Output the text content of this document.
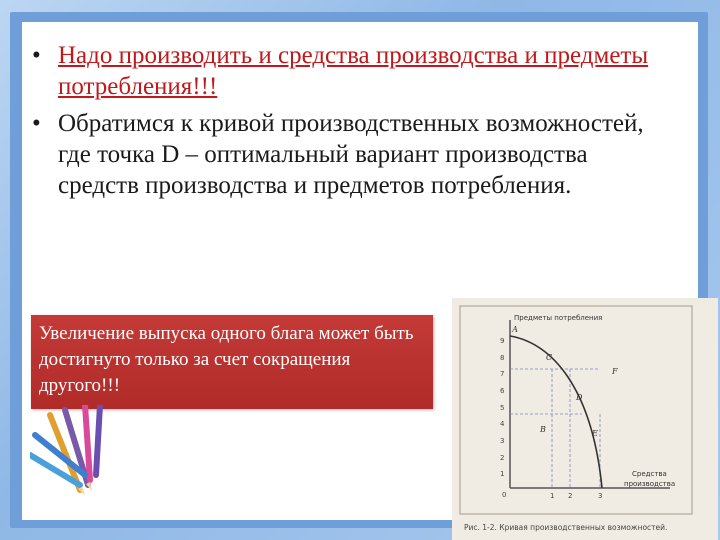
• Надо производить и средства производства и предметы потребления!!!
• Обратимся к кривой производственных возможностей, где точка D – оптимальный вариант производства средств производства и предметов потребления.
Увеличение выпуска одного блага может быть достигнуто только за счет сокращения другого!!!
9
8
7
6
5
4
3
2
1
0	1 2	3
А
С
D
В	Е
F
Предметы потребления
Средства
производства
Рис. 1-2. Кривая производственных возможностей.
